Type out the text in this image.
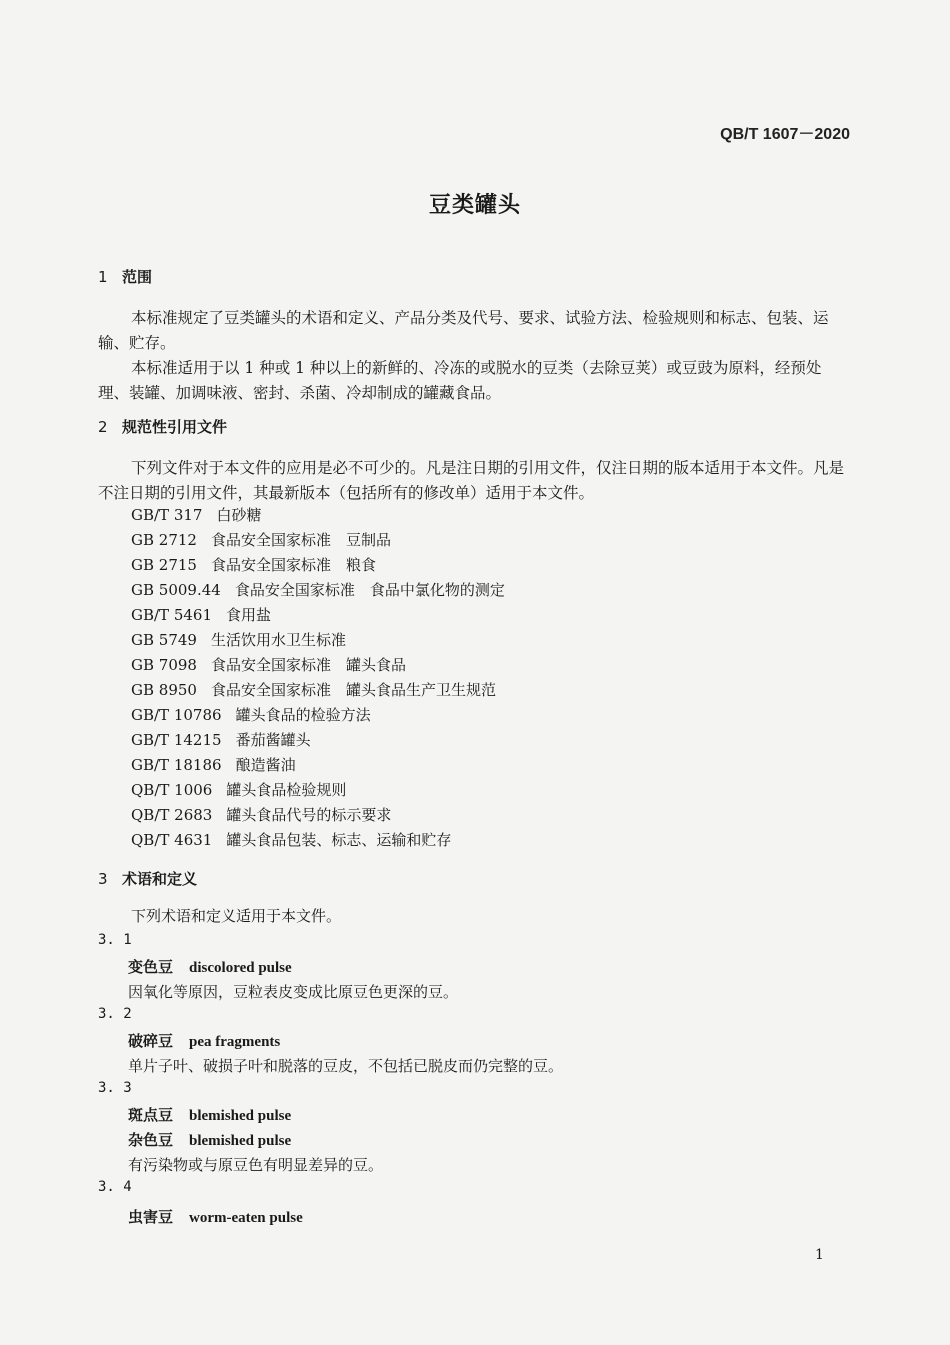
QB/T 1607－2020
豆类罐头
1 范围
本标准规定了豆类罐头的术语和定义、产品分类及代号、要求、试验方法、检验规则和标志、包装、运输、贮存。
本标准适用于以 1 种或 1 种以上的新鲜的、冷冻的或脱水的豆类（去除豆荚）或豆豉为原料，经预处理、装罐、加调味液、密封、杀菌、冷却制成的罐藏食品。
2 规范性引用文件
下列文件对于本文件的应用是必不可少的。凡是注日期的引用文件，仅注日期的版本适用于本文件。凡是不注日期的引用文件，其最新版本（包括所有的修改单）适用于本文件。
GB/T 317 白砂糖
GB 2712 食品安全国家标准　豆制品
GB 2715 食品安全国家标准　粮食
GB 5009.44 食品安全国家标准　食品中氯化物的测定
GB/T 5461 食用盐
GB 5749 生活饮用水卫生标准
GB 7098 食品安全国家标准　罐头食品
GB 8950 食品安全国家标准　罐头食品生产卫生规范
GB/T 10786 罐头食品的检验方法
GB/T 14215 番茄酱罐头
GB/T 18186 酿造酱油
QB/T 1006 罐头食品检验规则
QB/T 2683 罐头食品代号的标示要求
QB/T 4631 罐头食品包装、标志、运输和贮存
3 术语和定义
下列术语和定义适用于本文件。
3. 1
变色豆 discolored pulse
因氧化等原因，豆粒表皮变成比原豆色更深的豆。
3. 2
破碎豆 pea fragments
单片子叶、破损子叶和脱落的豆皮，不包括已脱皮而仍完整的豆。
3. 3
斑点豆 blemished pulse
杂色豆 blemished pulse
有污染物或与原豆色有明显差异的豆。
3. 4
虫害豆 worm-eaten pulse
1
